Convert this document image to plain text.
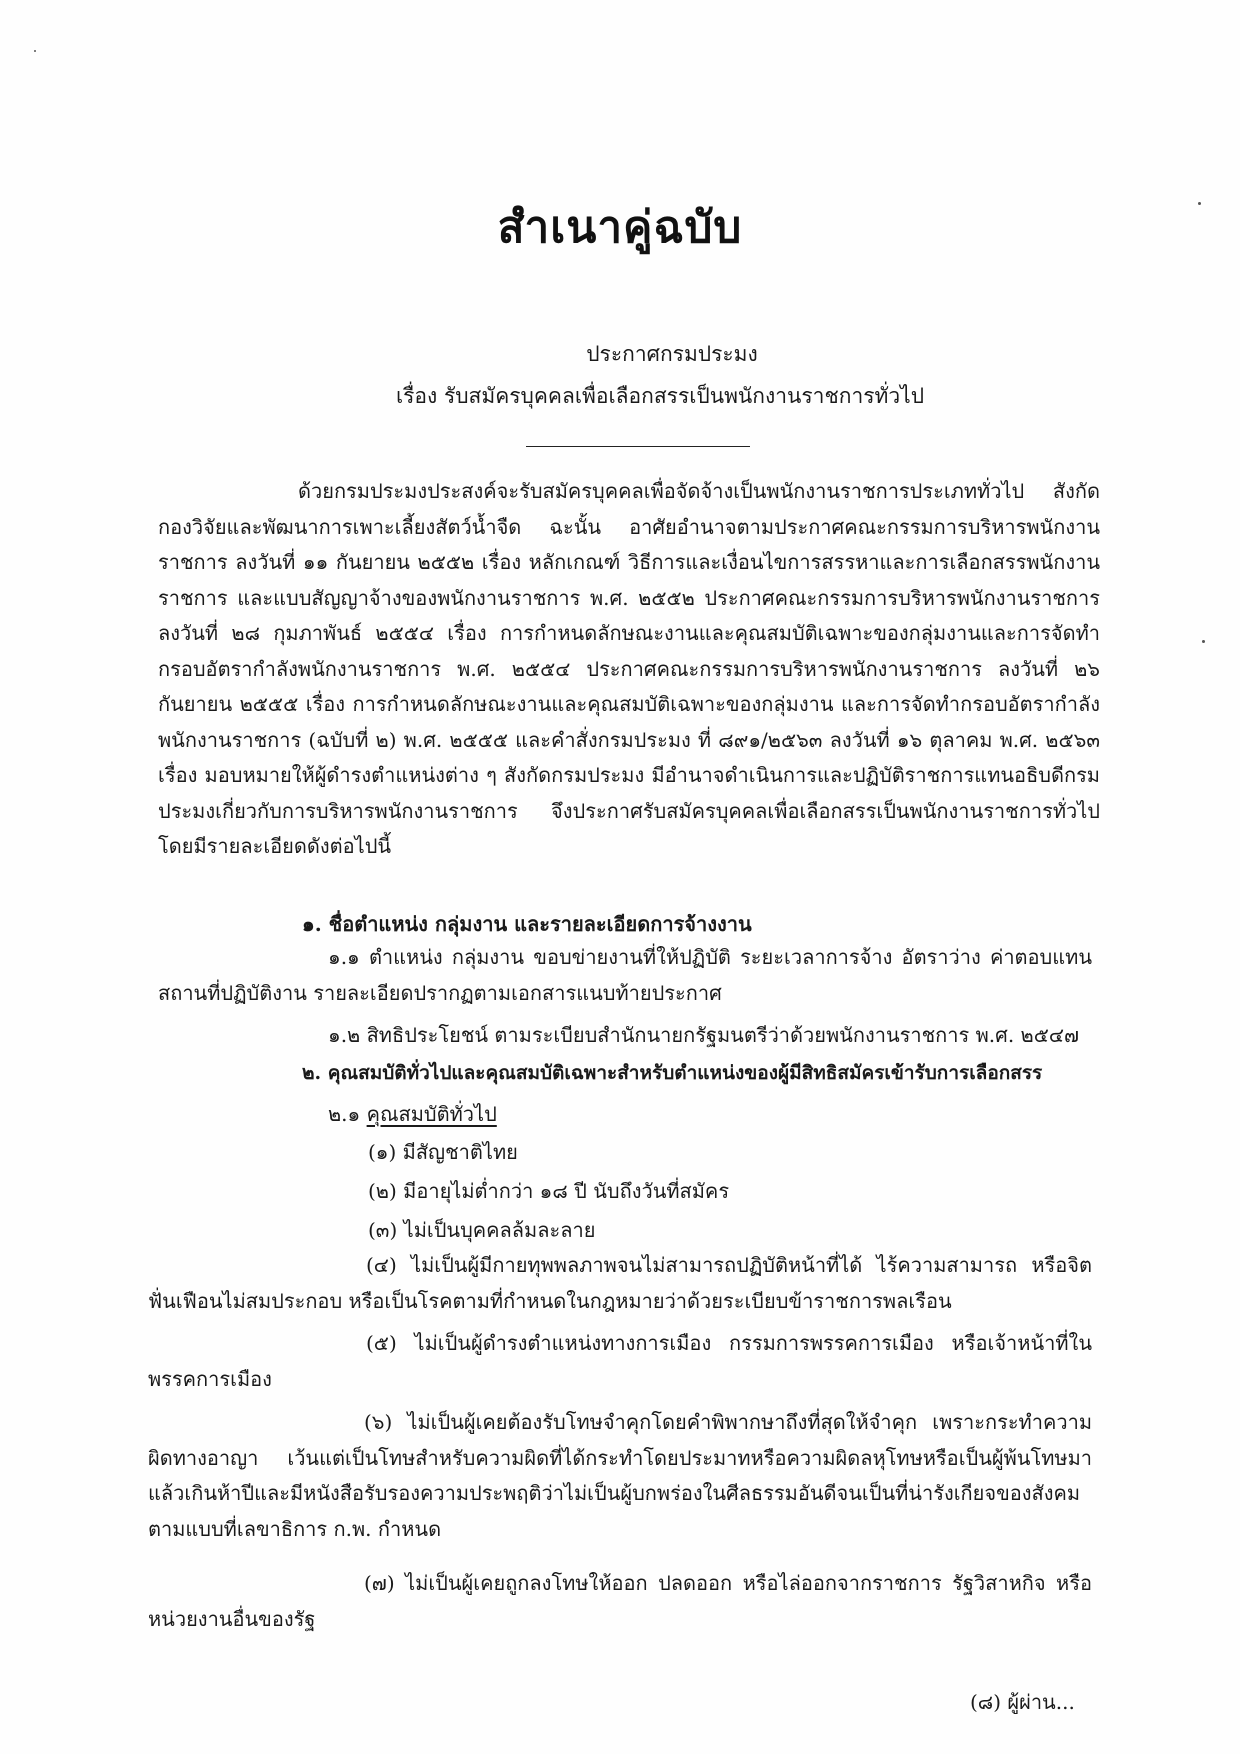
สำเนาคู่ฉบับ
ประกาศกรมประมง
เรื่อง รับสมัครบุคคลเพื่อเลือกสรรเป็นพนักงานราชการทั่วไป
ด้วยกรมประมงประสงค์จะรับสมัครบุคคลเพื่อจัดจ้างเป็นพนักงานราชการประเภททั่วไป สังกัดกองวิจัยและพัฒนาการเพาะเลี้ยงสัตว์น้ำจืด ฉะนั้น อาศัยอำนาจตามประกาศคณะกรรมการบริหารพนักงานราชการ ลงวันที่ ๑๑ กันยายน ๒๕๕๒ เรื่อง หลักเกณฑ์ วิธีการและเงื่อนไขการสรรหาและการเลือกสรรพนักงานราชการ และแบบสัญญาจ้างของพนักงานราชการ พ.ศ. ๒๕๕๒ ประกาศคณะกรรมการบริหารพนักงานราชการ ลงวันที่ ๒๘ กุมภาพันธ์ ๒๕๕๔ เรื่อง การกำหนดลักษณะงานและคุณสมบัติเฉพาะของกลุ่มงานและการจัดทำกรอบอัตรากำลังพนักงานราชการ พ.ศ. ๒๕๕๔ ประกาศคณะกรรมการบริหารพนักงานราชการ ลงวันที่ ๒๖ กันยายน ๒๕๕๕ เรื่อง การกำหนดลักษณะงานและคุณสมบัติเฉพาะของกลุ่มงาน และการจัดทำกรอบอัตรากำลังพนักงานราชการ (ฉบับที่ ๒) พ.ศ. ๒๕๕๕ และคำสั่งกรมประมง ที่ ๘๙๑/๒๕๖๓ ลงวันที่ ๑๖ ตุลาคม พ.ศ. ๒๕๖๓ เรื่อง มอบหมายให้ผู้ดำรงตำแหน่งต่าง ๆ สังกัดกรมประมง มีอำนาจดำเนินการและปฏิบัติราชการแทนอธิบดีกรมประมงเกี่ยวกับการบริหารพนักงานราชการ จึงประกาศรับสมัครบุคคลเพื่อเลือกสรรเป็นพนักงานราชการทั่วไป โดยมีรายละเอียดดังต่อไปนี้
๑. ชื่อตำแหน่ง กลุ่มงาน และรายละเอียดการจ้างงาน
๑.๑ ตำแหน่ง กลุ่มงาน ขอบข่ายงานที่ให้ปฏิบัติ ระยะเวลาการจ้าง อัตราว่าง ค่าตอบแทนสถานที่ปฏิบัติงาน รายละเอียดปรากฏตามเอกสารแนบท้ายประกาศ
๑.๒ สิทธิประโยชน์ ตามระเบียบสำนักนายกรัฐมนตรีว่าด้วยพนักงานราชการ พ.ศ. ๒๕๔๗
๒. คุณสมบัติทั่วไปและคุณสมบัติเฉพาะสำหรับตำแหน่งของผู้มีสิทธิสมัครเข้ารับการเลือกสรร
๒.๑ คุณสมบัติทั่วไป
(๑) มีสัญชาติไทย
(๒) มีอายุไม่ต่ำกว่า ๑๘ ปี นับถึงวันที่สมัคร
(๓) ไม่เป็นบุคคลล้มละลาย
(๔) ไม่เป็นผู้มีกายทุพพลภาพจนไม่สามารถปฏิบัติหน้าที่ได้ ไร้ความสามารถ หรือจิตฟั่นเฟือนไม่สมประกอบ หรือเป็นโรคตามที่กำหนดในกฎหมายว่าด้วยระเบียบข้าราชการพลเรือน
(๕) ไม่เป็นผู้ดำรงตำแหน่งทางการเมือง กรรมการพรรคการเมือง หรือเจ้าหน้าที่ในพรรคการเมือง
(๖) ไม่เป็นผู้เคยต้องรับโทษจำคุกโดยคำพิพากษาถึงที่สุดให้จำคุก เพราะกระทำความผิดทางอาญา เว้นแต่เป็นโทษสำหรับความผิดที่ได้กระทำโดยประมาทหรือความผิดลหุโทษหรือเป็นผู้พ้นโทษมาแล้วเกินห้าปีและมีหนังสือรับรองความประพฤติว่าไม่เป็นผู้บกพร่องในศีลธรรมอันดีจนเป็นที่น่ารังเกียจของสังคมตามแบบที่เลขาธิการ ก.พ. กำหนด
(๗) ไม่เป็นผู้เคยถูกลงโทษให้ออก ปลดออก หรือไล่ออกจากราชการ รัฐวิสาหกิจ หรือหน่วยงานอื่นของรัฐ
(๘) ผู้ผ่าน...
